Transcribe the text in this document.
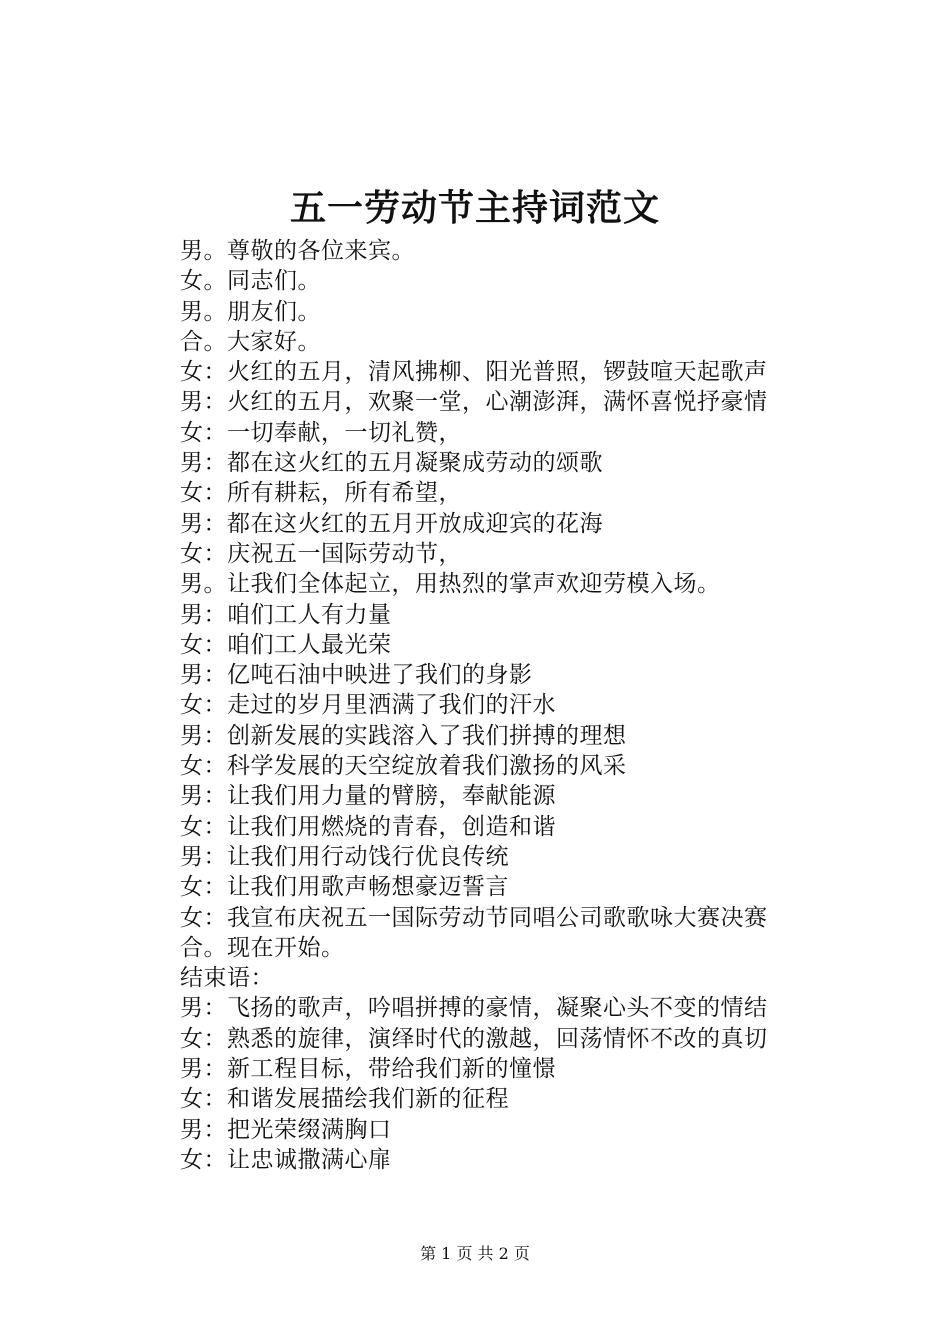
五一劳动节主持词范文
男。尊敬的各位来宾。
女。同志们。
男。朋友们。
合。大家好。
女：火红的五月，清风拂柳、阳光普照，锣鼓喧天起歌声
男：火红的五月，欢聚一堂，心潮澎湃，满怀喜悦抒豪情
女：一切奉献，一切礼赞，
男：都在这火红的五月凝聚成劳动的颂歌
女：所有耕耘，所有希望，
男：都在这火红的五月开放成迎宾的花海
女：庆祝五一国际劳动节，
男。让我们全体起立，用热烈的掌声欢迎劳模入场。
男：咱们工人有力量
女：咱们工人最光荣
男：亿吨石油中映进了我们的身影
女：走过的岁月里洒满了我们的汗水
男：创新发展的实践溶入了我们拼搏的理想
女：科学发展的天空绽放着我们激扬的风采
男：让我们用力量的臂膀，奉献能源
女：让我们用燃烧的青春，创造和谐
男：让我们用行动饯行优良传统
女：让我们用歌声畅想豪迈誓言
女：我宣布庆祝五一国际劳动节同唱公司歌歌咏大赛决赛
合。现在开始。
结束语：
男：飞扬的歌声，吟唱拼搏的豪情，凝聚心头不变的情结
女：熟悉的旋律，演绎时代的激越，回荡情怀不改的真切
男：新工程目标，带给我们新的憧憬
女：和谐发展描绘我们新的征程
男：把光荣缀满胸口
女：让忠诚撒满心扉
第 1 页 共 2 页
